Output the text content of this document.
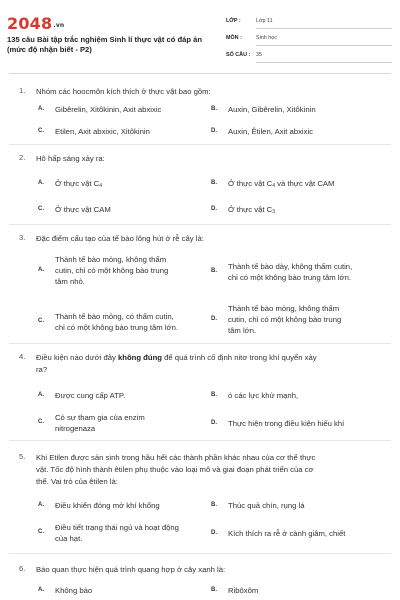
2048.vn
135 câu Bài tập trắc nghiệm Sinh lí thực vật có đáp án (mức độ nhận biết - P2)
LỚP :	Lớp 11
MÔN :	Sinh học
SỐ CÂU : 35
1. Nhóm các hoocmôn kích thích ở thực vật bao gồm:
A. Gibêrelin, Xitôkinin, Axit abxixic	B. Auxin, Gibêrelin, Xitôkinin
C. Etilen, Axit abxixic, Xitôkinin	D. Auxin, Êtilen, Axit abxixic
2. Hô hấp sáng xảy ra:
A. Ở thực vật $C_4$	B. Ở thực vật $C_4$ và thực vật CAM
C. Ở thực vật CAM	D. Ở thực vật $C_3$
3. Đặc điểm cấu tạo của tế bào lông hút ở rễ cây là:
A.
Thành tế bào mỏng, không thấm
cutin, chỉ có một không bào trung
tâm nhỏ.
B. Thành tế bào dày, không thấm cutin,
chỉ có một không bào trung tâm lớn.
C. Thành tế bào mỏng, có thấm cutin,
chỉ có một không bào trung tâm lớn.
D.
Thành tế bào mỏng, không thấm
cutin, chỉ có một không bào trung
tâm lớn.
4. Điều kiện nào dưới đây không đúng để quá trình cố định nitơ trong khí quyển xảy
ra?
A. Được cung cấp ATP.	B. ó các lực khử mạnh,
C. Có sự tham gia của enzim
nitrogenaza
D. Thực hiện trong điều kiện hiếu khí
5. Khi Etilen được sản sinh trong hầu hết các thành phần khác nhau của cơ thể thực
vật. Tốc độ hình thành êtilen phụ thuộc vào loại mô và giai đoạn phát triển của cơ
thể. Vai trò của êtilen là:
A. Điều khiển đóng mở khí khổng	B. Thúc quả chín, rụng lá
C. Điều tiết trạng thái ngủ và hoạt động
của hạt.
D. Kích thích ra rễ ở cành giâm, chiết
6. Bào quan thực hiện quá trình quang hợp ở cây xanh là:
A. Không bào	B. Ribôxôm
